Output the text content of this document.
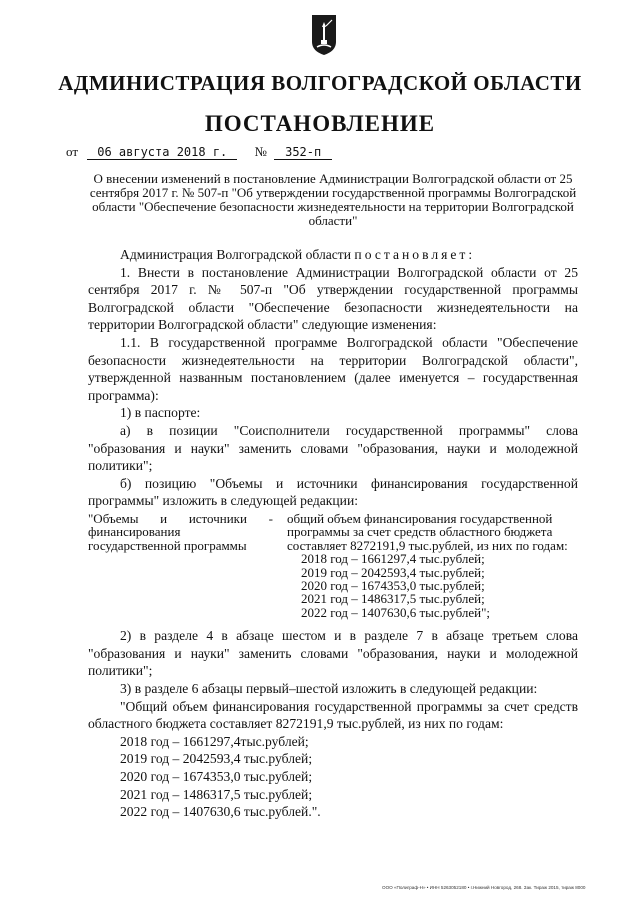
АДМИНИСТРАЦИЯ ВОЛГОГРАДСКОЙ ОБЛАСТИ
ПОСТАНОВЛЕНИЕ
от 06 августа 2018 г. № 352-п
О внесении изменений в постановление Администрации Волгоградской области от 25 сентября 2017 г. № 507-п "Об утверждении государственной программы Волгоградской области "Обеспечение безопасности жизнедеятельности на территории Волгоградской области"

Администрация Волгоградской области постановляет:

1. Внести в постановление Администрации Волгоградской области от 25 сентября 2017 г. № 507-п "Об утверждении государственной программы Волгоградской области "Обеспечение безопасности жизнедеятельности на территории Волгоградской области" следующие изменения:

1.1. В государственной программе Волгоградской области "Обеспечение безопасности жизнедеятельности на территории Волгоградской области", утвержденной названным постановлением (далее именуется – государственная программа):

1) в паспорте:

а) в позиции "Соисполнители государственной программы" слова "образования и науки" заменить словами "образования, науки и молодежной политики";

б) позицию "Объемы и источники финансирования государственной программы" изложить в следующей редакции:

"Объемы и источники - финансирования государственной программы
общий объем финансирования государственной программы за счет средств областного бюджета составляет 8272191,9 тыс.рублей, из них по годам:
2018 год – 1661297,4 тыс.рублей;
2019 год – 2042593,4 тыс.рублей;
2020 год – 1674353,0 тыс.рублей;
2021 год – 1486317,5 тыс.рублей;
2022 год – 1407630,6 тыс.рублей";

2) в разделе 4 в абзаце шестом и в разделе 7 в абзаце третьем слова "образования и науки" заменить словами "образования, науки и молодежной политики";

3) в разделе 6 абзацы первый–шестой изложить в следующей редакции:

"Общий объем финансирования государственной программы за счет средств областного бюджета составляет 8272191,9 тыс.рублей, из них по годам:

2018 год – 1661297,4тыс.рублей;

2019 год – 2042593,4 тыс.рублей;

2020 год – 1674353,0 тыс.рублей;

2021 год – 1486317,5 тыс.рублей;

2022 год – 1407630,6 тыс.рублей.".

ООО «Полиграф-Н» • ИНН 5263052180 • г.Нижний Новгород, 268. Зак. Тираж 2015, тираж 8000
